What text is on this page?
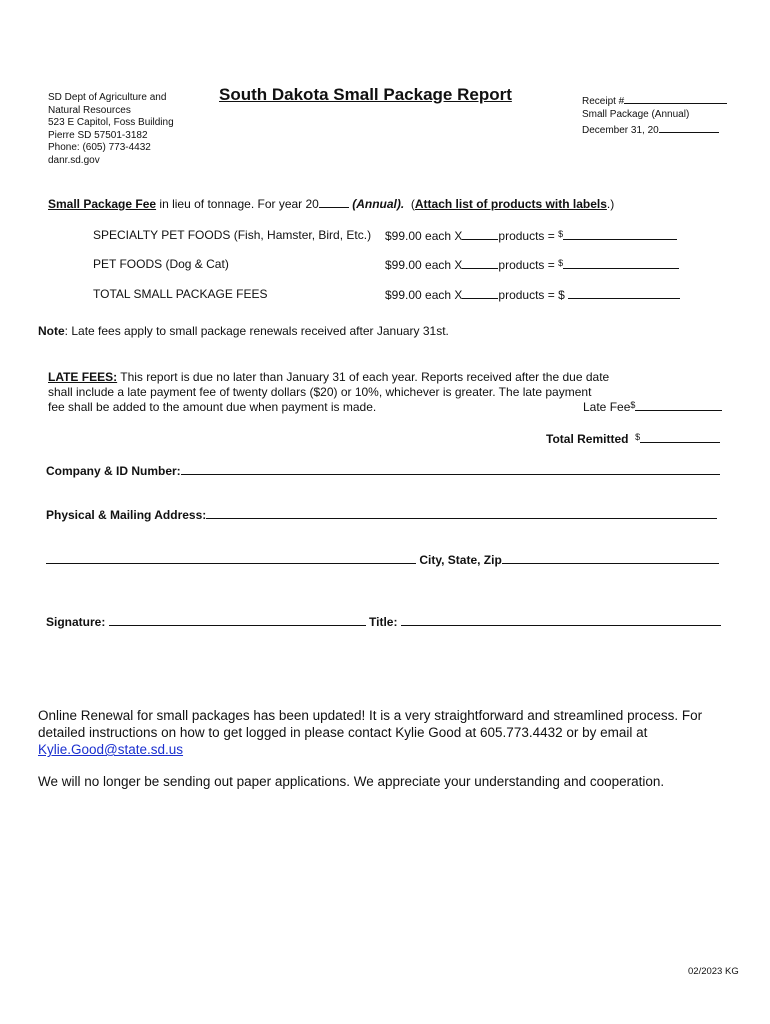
SD Dept of Agriculture and
Natural Resources
523 E Capitol, Foss Building
Pierre SD 57501-3182
Phone: (605) 773-4432
danr.sd.gov
South Dakota Small Package Report	Receipt #
Small Package (Annual)
December 31, 20
Small Package Fee in lieu of tonnage. For year 20	(Annual). (Attach list of products with labels.)
SPECIALTY PET FOODS (Fish, Hamster, Bird, Etc.) $99.00 each X	products = $
PET FOODS (Dog & Cat)	$99.00 each X	products = $
TOTAL SMALL PACKAGE FEES	$99.00 each X	products = $
Note: Late fees apply to small package renewals received after January 31st.
LATE FEES: This report is due no later than January 31 of each year. Reports received after the due date
shall include a late payment fee of twenty dollars ($20) or 10%, whichever is greater. The late payment
fee shall be added to the amount due when payment is made.	Late Fee$
Total Remitted $
Company & ID Number:
Physical & Mailing Address:
City, State, Zip
Signature:	Title:
Online Renewal for small packages has been updated! It is a very straightforward and streamlined process. For
detailed instructions on how to get logged in please contact Kylie Good at 605.773.4432 or by email at
Kylie.Good@state.sd.us
We will no longer be sending out paper applications. We appreciate your understanding and cooperation.
02/2023 KG
